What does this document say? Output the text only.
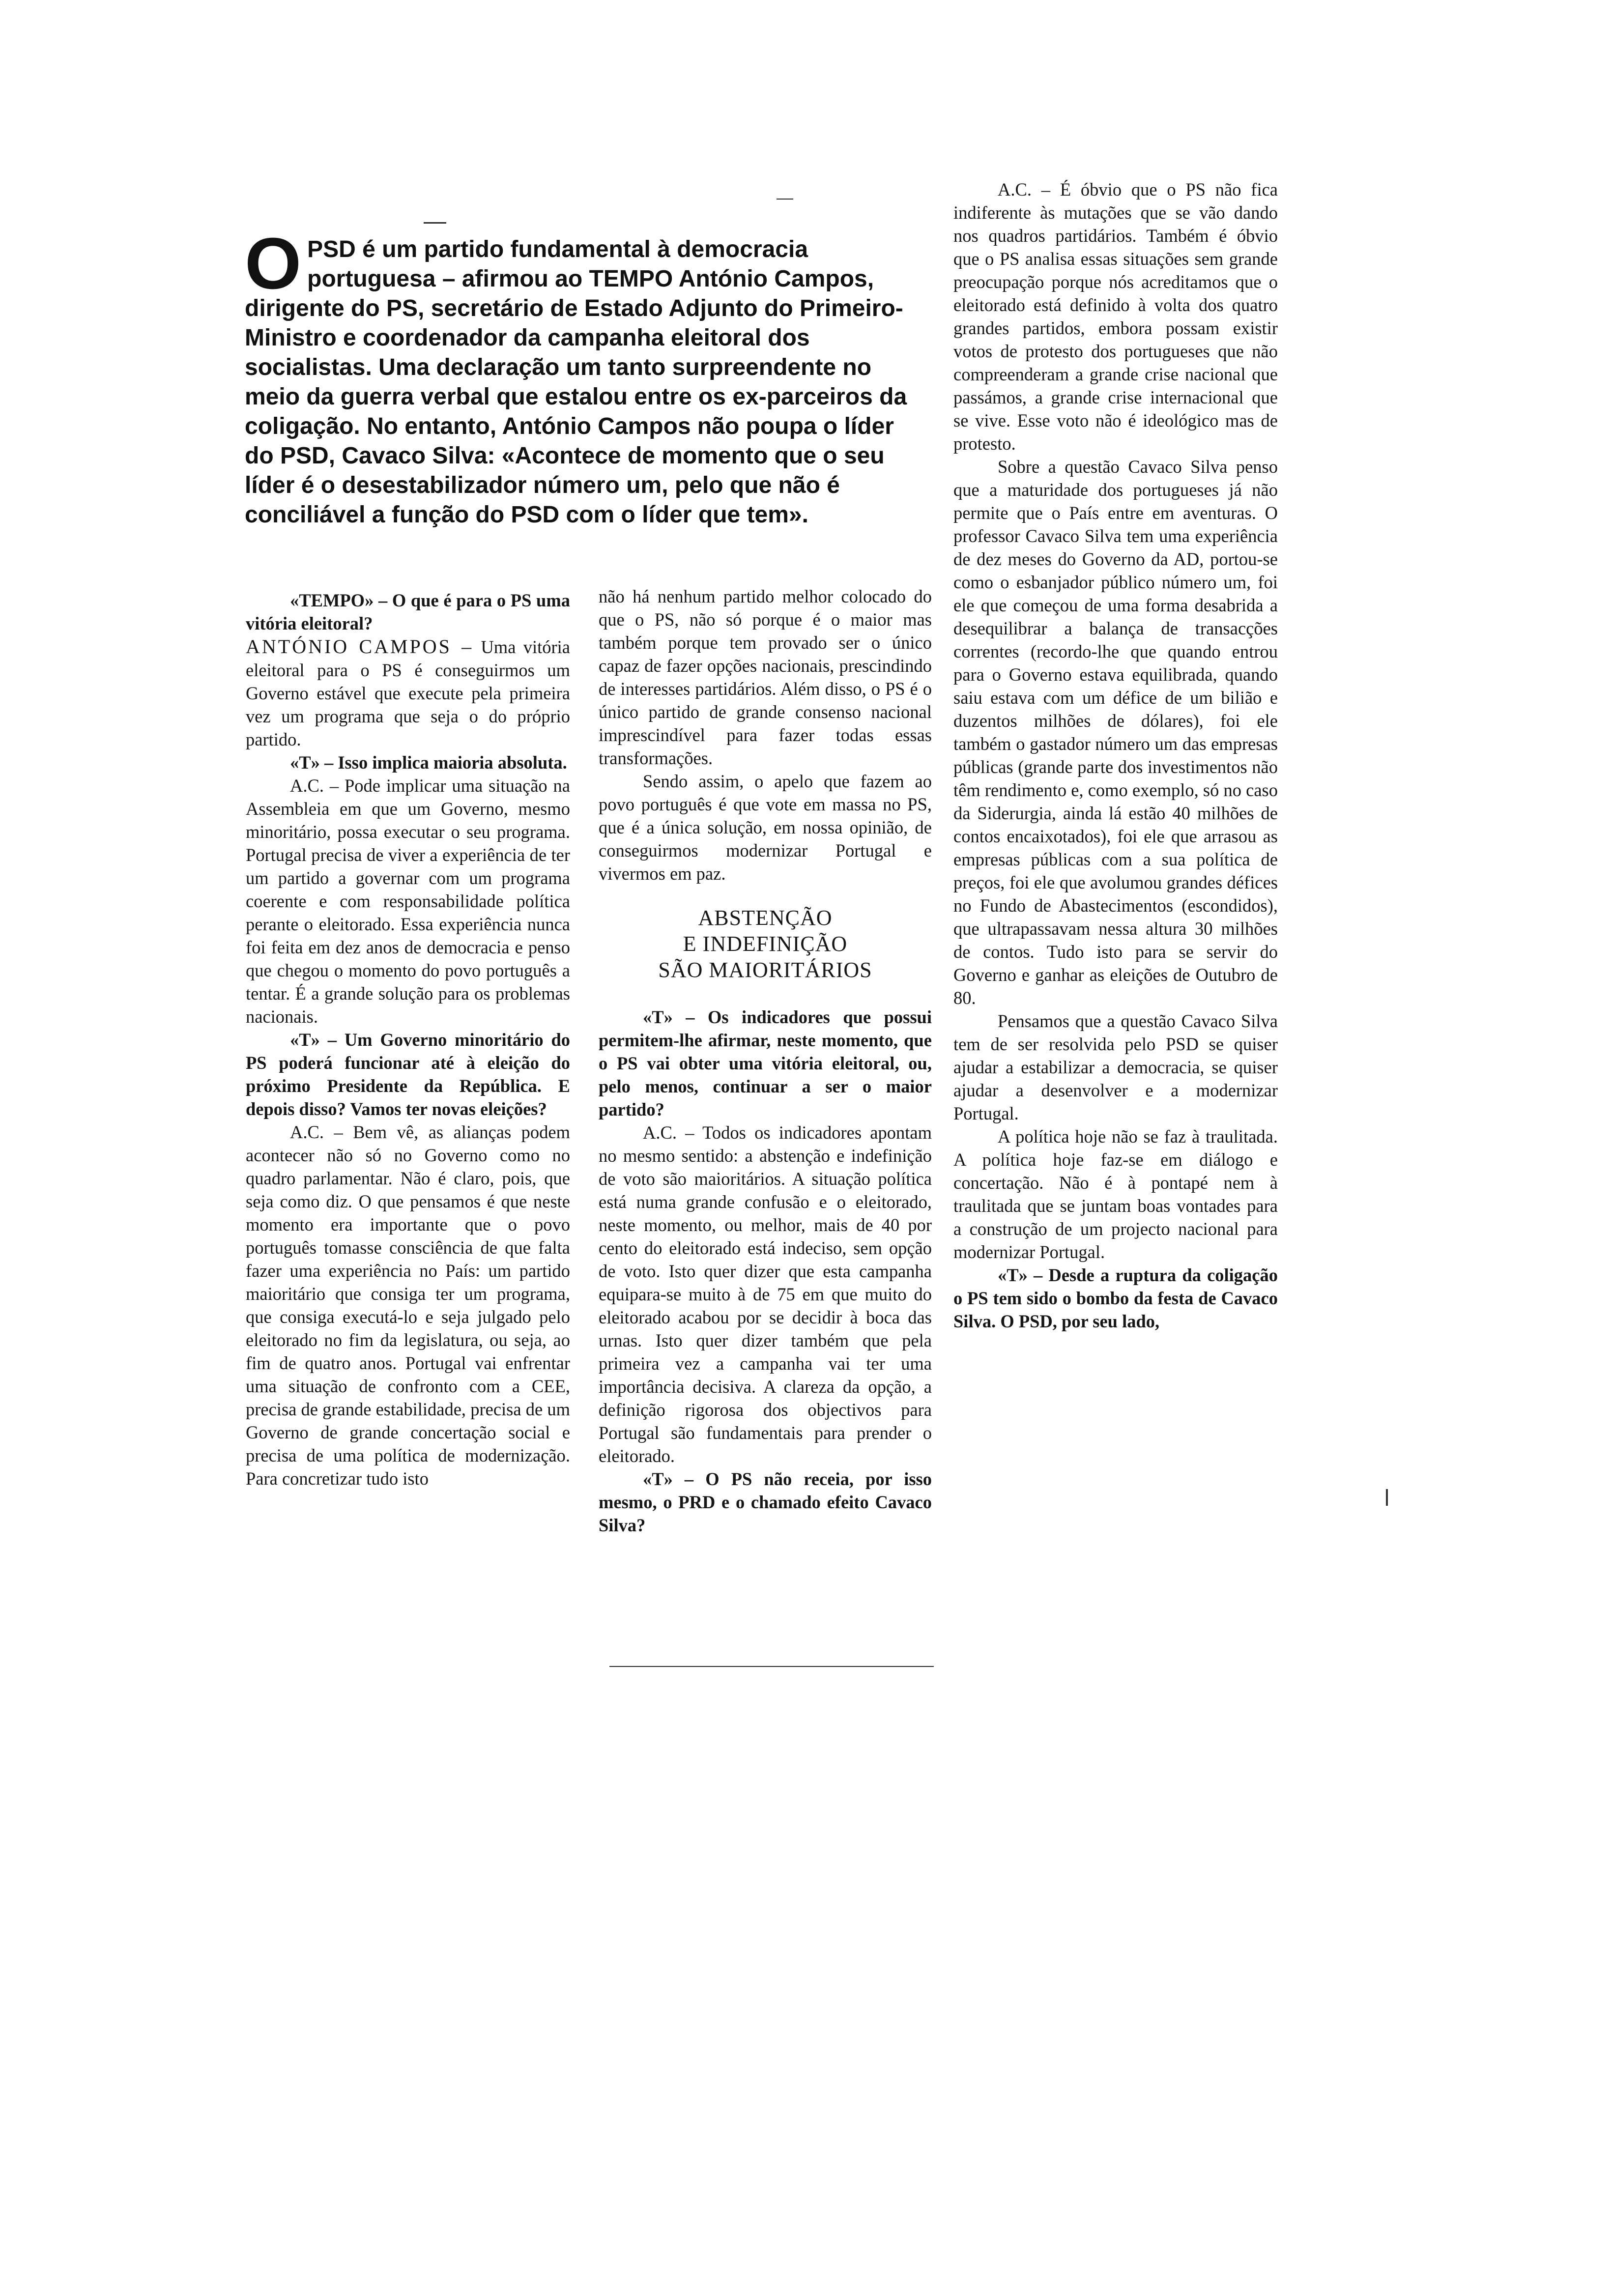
OPSD é um partido fundamental à democracia portuguesa – afirmou ao TEMPO António Campos, dirigente do PS, secretário de Estado Adjunto do Primeiro-Ministro e coordenador da campanha eleitoral dos socialistas. Uma declaração um tanto surpreendente no meio da guerra verbal que estalou entre os ex-parceiros da coligação. No entanto, António Campos não poupa o líder do PSD, Cavaco Silva: «Acontece de momento que o seu líder é o desestabilizador número um, pelo que não é conciliável a função do PSD com o líder que tem».

«TEMPO» – O que é para o PS uma vitória eleitoral?

ANTÓNIO CAMPOS – Uma vitória eleitoral para o PS é conseguirmos um Governo estável que execute pela primeira vez um programa que seja o do próprio partido.

«T» – Isso implica maioria absoluta.

A.C. – Pode implicar uma situação na Assembleia em que um Governo, mesmo minoritário, possa executar o seu programa. Portugal precisa de viver a experiência de ter um partido a governar com um programa coerente e com responsabilidade política perante o eleitorado. Essa experiência nunca foi feita em dez anos de democracia e penso que chegou o momento do povo português a tentar. É a grande solução para os problemas nacionais.

«T» – Um Governo minoritário do PS poderá funcionar até à eleição do próximo Presidente da República. E depois disso? Vamos ter novas eleições?

A.C. – Bem vê, as alianças podem acontecer não só no Governo como no quadro parlamentar. Não é claro, pois, que seja como diz. O que pensamos é que neste momento era importante que o povo português tomasse consciência de que falta fazer uma experiência no País: um partido maioritário que consiga ter um programa, que consiga executá-lo e seja julgado pelo eleitorado no fim da legislatura, ou seja, ao fim de quatro anos. Portugal vai enfrentar uma situação de confronto com a CEE, precisa de grande estabilidade, precisa de um Governo de grande concertação social e precisa de uma política de modernização. Para concretizar tudo isto

não há nenhum partido melhor colocado do que o PS, não só porque é o maior mas também porque tem provado ser o único capaz de fazer opções nacionais, prescindindo de interesses partidários. Além disso, o PS é o único partido de grande consenso nacional imprescindível para fazer todas essas transformações.

Sendo assim, o apelo que fazem ao povo português é que vote em massa no PS, que é a única solução, em nossa opinião, de conseguirmos modernizar Portugal e vivermos em paz.

ABSTENÇÃO
E INDEFINIÇÃO
SÃO MAIORITÁRIOS

«T» – Os indicadores que possui permitem-lhe afirmar, neste momento, que o PS vai obter uma vitória eleitoral, ou, pelo menos, continuar a ser o maior partido?

A.C. – Todos os indicadores apontam no mesmo sentido: a abstenção e indefinição de voto são maioritários. A situação política está numa grande confusão e o eleitorado, neste momento, ou melhor, mais de 40 por cento do eleitorado está indeciso, sem opção de voto. Isto quer dizer que esta campanha equipara-se muito à de 75 em que muito do eleitorado acabou por se decidir à boca das urnas. Isto quer dizer também que pela primeira vez a campanha vai ter uma importância decisiva. A clareza da opção, a definição rigorosa dos objectivos para Portugal são fundamentais para prender o eleitorado.

«T» – O PS não receia, por isso mesmo, o PRD e o chamado efeito Cavaco Silva?

A.C. – É óbvio que o PS não fica indiferente às mutações que se vão dando nos quadros partidários. Também é óbvio que o PS analisa essas situações sem grande preocupação porque nós acreditamos que o eleitorado está definido à volta dos quatro grandes partidos, embora possam existir votos de protesto dos portugueses que não compreenderam a grande crise nacional que passámos, a grande crise internacional que se vive. Esse voto não é ideológico mas de protesto.

Sobre a questão Cavaco Silva penso que a maturidade dos portugueses já não permite que o País entre em aventuras. O professor Cavaco Silva tem uma experiência de dez meses do Governo da AD, portou-se como o esbanjador público número um, foi ele que começou de uma forma desabrida a desequilibrar a balança de transacções correntes (recordo-lhe que quando entrou para o Governo estava equilibrada, quando saiu estava com um défice de um bilião e duzentos milhões de dólares), foi ele também o gastador número um das empresas públicas (grande parte dos investimentos não têm rendimento e, como exemplo, só no caso da Siderurgia, ainda lá estão 40 milhões de contos encaixotados), foi ele que arrasou as empresas públicas com a sua política de preços, foi ele que avolumou grandes défices no Fundo de Abastecimentos (escondidos), que ultrapassavam nessa altura 30 milhões de contos. Tudo isto para se servir do Governo e ganhar as eleições de Outubro de 80.

Pensamos que a questão Cavaco Silva tem de ser resolvida pelo PSD se quiser ajudar a estabilizar a democracia, se quiser ajudar a desenvolver e a modernizar Portugal.

A política hoje não se faz à traulitada. A política hoje faz-se em diálogo e concertação. Não é à pontapé nem à traulitada que se juntam boas vontades para a construção de um projecto nacional para modernizar Portugal.

«T» – Desde a ruptura da coligação o PS tem sido o bombo da festa de Cavaco Silva. O PSD, por seu lado,
